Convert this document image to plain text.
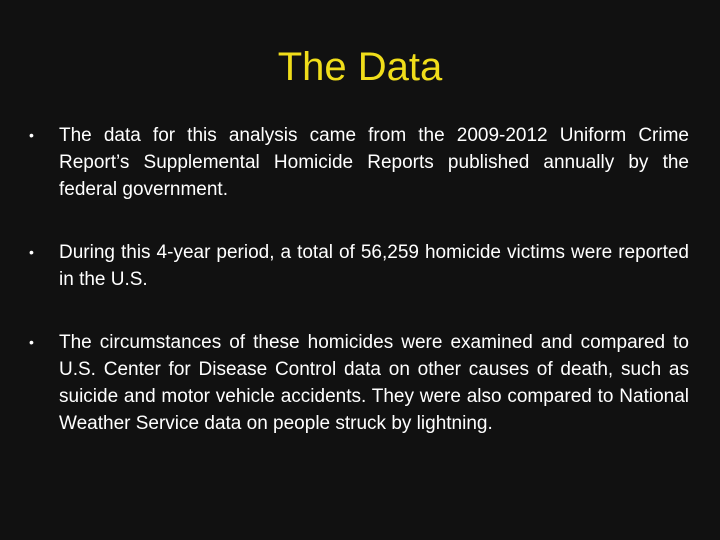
The Data
•	The data for this analysis came from the 2009-2012 Uniform Crime Report’s Supplemental Homicide Reports published annually by the federal government.
•	During this 4-year period, a total of 56,259 homicide victims were reported in the U.S.
•	The circumstances of these homicides were examined and compared to U.S. Center for Disease Control data on other causes of death, such as suicide and motor vehicle accidents. They were also compared to National Weather Service data on people struck by lightning.
